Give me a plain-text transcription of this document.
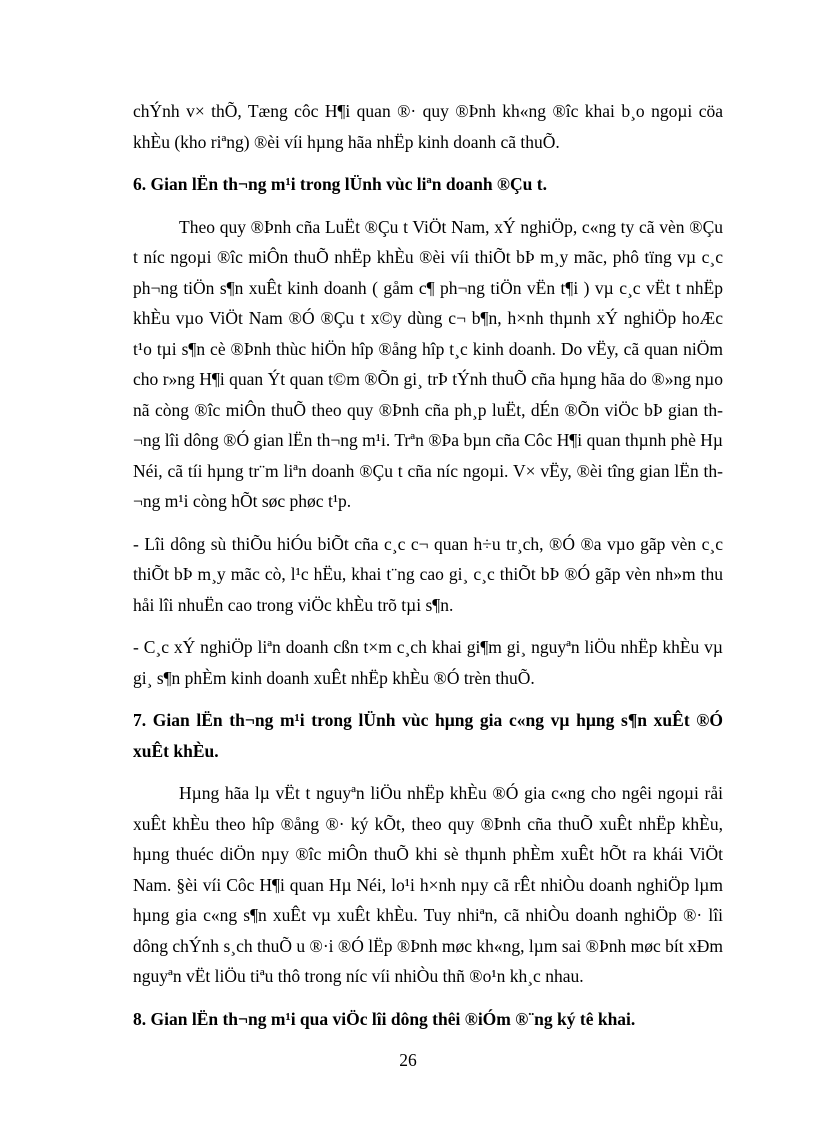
chÝnh v× thÕ, Tæng côc H¶i quan ®· quy ®Þnh kh«ng ®îc khai b¸o ngoµi cöa khÈu (kho riªng) ®èi víi hµng hãa nhËp kinh doanh cã thuÕ.

6. Gian lËn th¬ng m¹i trong lÜnh vùc liªn doanh ®Çu t.

Theo quy ®Þnh cña LuËt ®Çu t ViÖt Nam, xÝ nghiÖp, c«ng ty cã vèn ®Çu t níc ngoµi ®îc miÔn thuÕ nhËp khÈu ®èi víi thiÕt bÞ m¸y mãc, phô tïng vµ c¸c ph¬ng tiÖn s¶n xuÊt kinh doanh ( gåm c¶ ph¬ng tiÖn vËn t¶i ) vµ c¸c vËt t nhËp khÈu vµo ViÖt Nam ®Ó ®Çu t x©y dùng c¬ b¶n, h×nh thµnh xÝ nghiÖp hoÆc t¹o tµi s¶n cè ®Þnh thùc hiÖn hîp ®ång hîp t¸c kinh doanh. Do vËy, cã quan niÖm cho r»ng H¶i quan Ýt quan t©m ®Õn gi¸ trÞ tÝnh thuÕ cña hµng hãa do ®»ng nµo nã còng ®îc miÔn thuÕ theo quy ®Þnh cña ph¸p luËt, dÉn ®Õn viÖc bÞ gian th¬ng lîi dông ®Ó gian lËn th¬ng m¹i. Trªn ®Þa bµn cña Côc H¶i quan thµnh phè Hµ Néi, cã tíi hµng tr¨m liªn doanh ®Çu t cña níc ngoµi. V× vËy, ®èi tîng gian lËn th¬ng m¹i còng hÕt søc phøc t¹p.

- Lîi dông sù thiÕu hiÓu biÕt cña c¸c c¬ quan h÷u tr¸ch, ®Ó ®a vµo gãp vèn c¸c thiÕt bÞ m¸y mãc cò, l¹c hËu, khai t¨ng cao gi¸ c¸c thiÕt bÞ ®Ó gãp vèn nh»m thu håi lîi nhuËn cao trong viÖc khÈu trõ tµi s¶n.

- C¸c xÝ nghiÖp liªn doanh cßn t×m c¸ch khai gi¶m gi¸ nguyªn liÖu nhËp khÈu vµ gi¸ s¶n phÈm kinh doanh xuÊt nhËp khÈu ®Ó trèn thuÕ.

7. Gian lËn th¬ng m¹i trong lÜnh vùc hµng gia c«ng vµ hµng s¶n xuÊt ®Ó xuÊt khÈu.

Hµng hãa lµ vËt t nguyªn liÖu nhËp khÈu ®Ó gia c«ng cho ngêi ngoµi råi xuÊt khÈu theo hîp ®ång ®· ký kÕt, theo quy ®Þnh cña thuÕ xuÊt nhËp khÈu, hµng thuéc diÖn nµy ®îc miÔn thuÕ khi sè thµnh phÈm xuÊt hÕt ra khái ViÖt Nam. §èi víi Côc H¶i quan Hµ Néi, lo¹i h×nh nµy cã rÊt nhiÒu doanh nghiÖp lµm hµng gia c«ng s¶n xuÊt vµ xuÊt khÈu. Tuy nhiªn, cã nhiÒu doanh nghiÖp ®· lîi dông chÝnh s¸ch thuÕ u ®·i ®Ó lËp ®Þnh møc kh«ng, lµm sai ®Þnh møc bít xÐm nguyªn vËt liÖu tiªu thô trong níc víi nhiÒu thñ ®o¹n kh¸c nhau.

8. Gian lËn th¬ng m¹i qua viÖc lîi dông thêi ®iÓm ®¨ng ký tê khai.

26
